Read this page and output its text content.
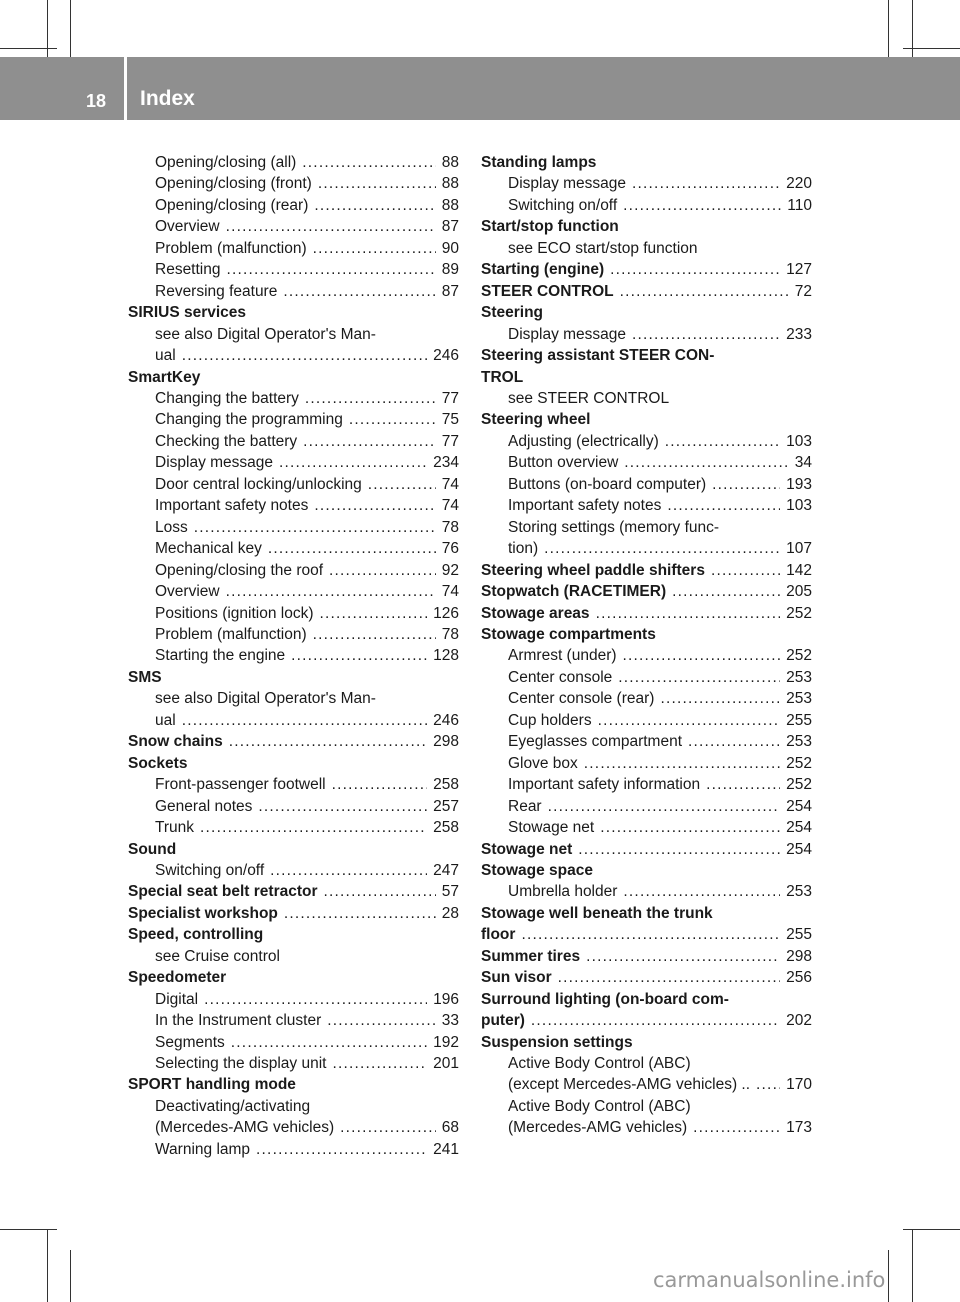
18 Index
Opening/closing (all) .....	88
Opening/closing (front) .....	88
Opening/closing (rear) .....	88
Overview .....	87
Problem (malfunction) .....	90
Resetting .....	89
Reversing feature .....	87
SIRIUS services
see also Digital Operator's Man-
ual .....	246
SmartKey
Changing the battery .....	77
Changing the programming .....	75
Checking the battery .....	77
Display message .....	234
Door central locking/unlocking .....	74
Important safety notes .....	74
Loss .....	78
Mechanical key .....	76
Opening/closing the roof .....	92
Overview .....	74
Positions (ignition lock) .....	126
Problem (malfunction) .....	78
Starting the engine .....	128
SMS
see also Digital Operator's Man-
ual .....	246
Snow chains .....	298
Sockets
Front-passenger footwell .....	258
General notes .....	257
Trunk .....	258
Sound
Switching on/off .....	247
Special seat belt retractor .....	57
Specialist workshop .....	28
Speed, controlling
see Cruise control
Speedometer
Digital .....	196
In the Instrument cluster .....	33
Segments .....	192
Selecting the display unit .....	201
SPORT handling mode
Deactivating/activating
(Mercedes-AMG vehicles) .....	68
Warning lamp .....	241
Standing lamps
Display message .....	220
Switching on/off .....	110
Start/stop function
see ECO start/stop function
Starting (engine) .....	127
STEER CONTROL .....	72
Steering
Display message .....	233
Steering assistant STEER CON-
TROL
see STEER CONTROL
Steering wheel
Adjusting (electrically) .....	103
Button overview .....	34
Buttons (on-board computer) .....	193
Important safety notes .....	103
Storing settings (memory func-
tion) .....	107
Steering wheel paddle shifters .....	142
Stopwatch (RACETIMER) .....	205
Stowage areas .....	252
Stowage compartments
Armrest (under) .....	252
Center console .....	253
Center console (rear) .....	253
Cup holders .....	255
Eyeglasses compartment .....	253
Glove box .....	252
Important safety information .....	252
Rear .....	254
Stowage net .....	254
Stowage net .....	254
Stowage space
Umbrella holder .....	253
Stowage well beneath the trunk
floor .....	255
Summer tires .....	298
Sun visor .....	256
Surround lighting (on-board com-
puter) .....	202
Suspension settings
Active Body Control (ABC)
(except Mercedes-AMG vehicles) .. ..... 170
Active Body Control (ABC)
(Mercedes-AMG vehicles) .....	173
carmanualsonline.info
